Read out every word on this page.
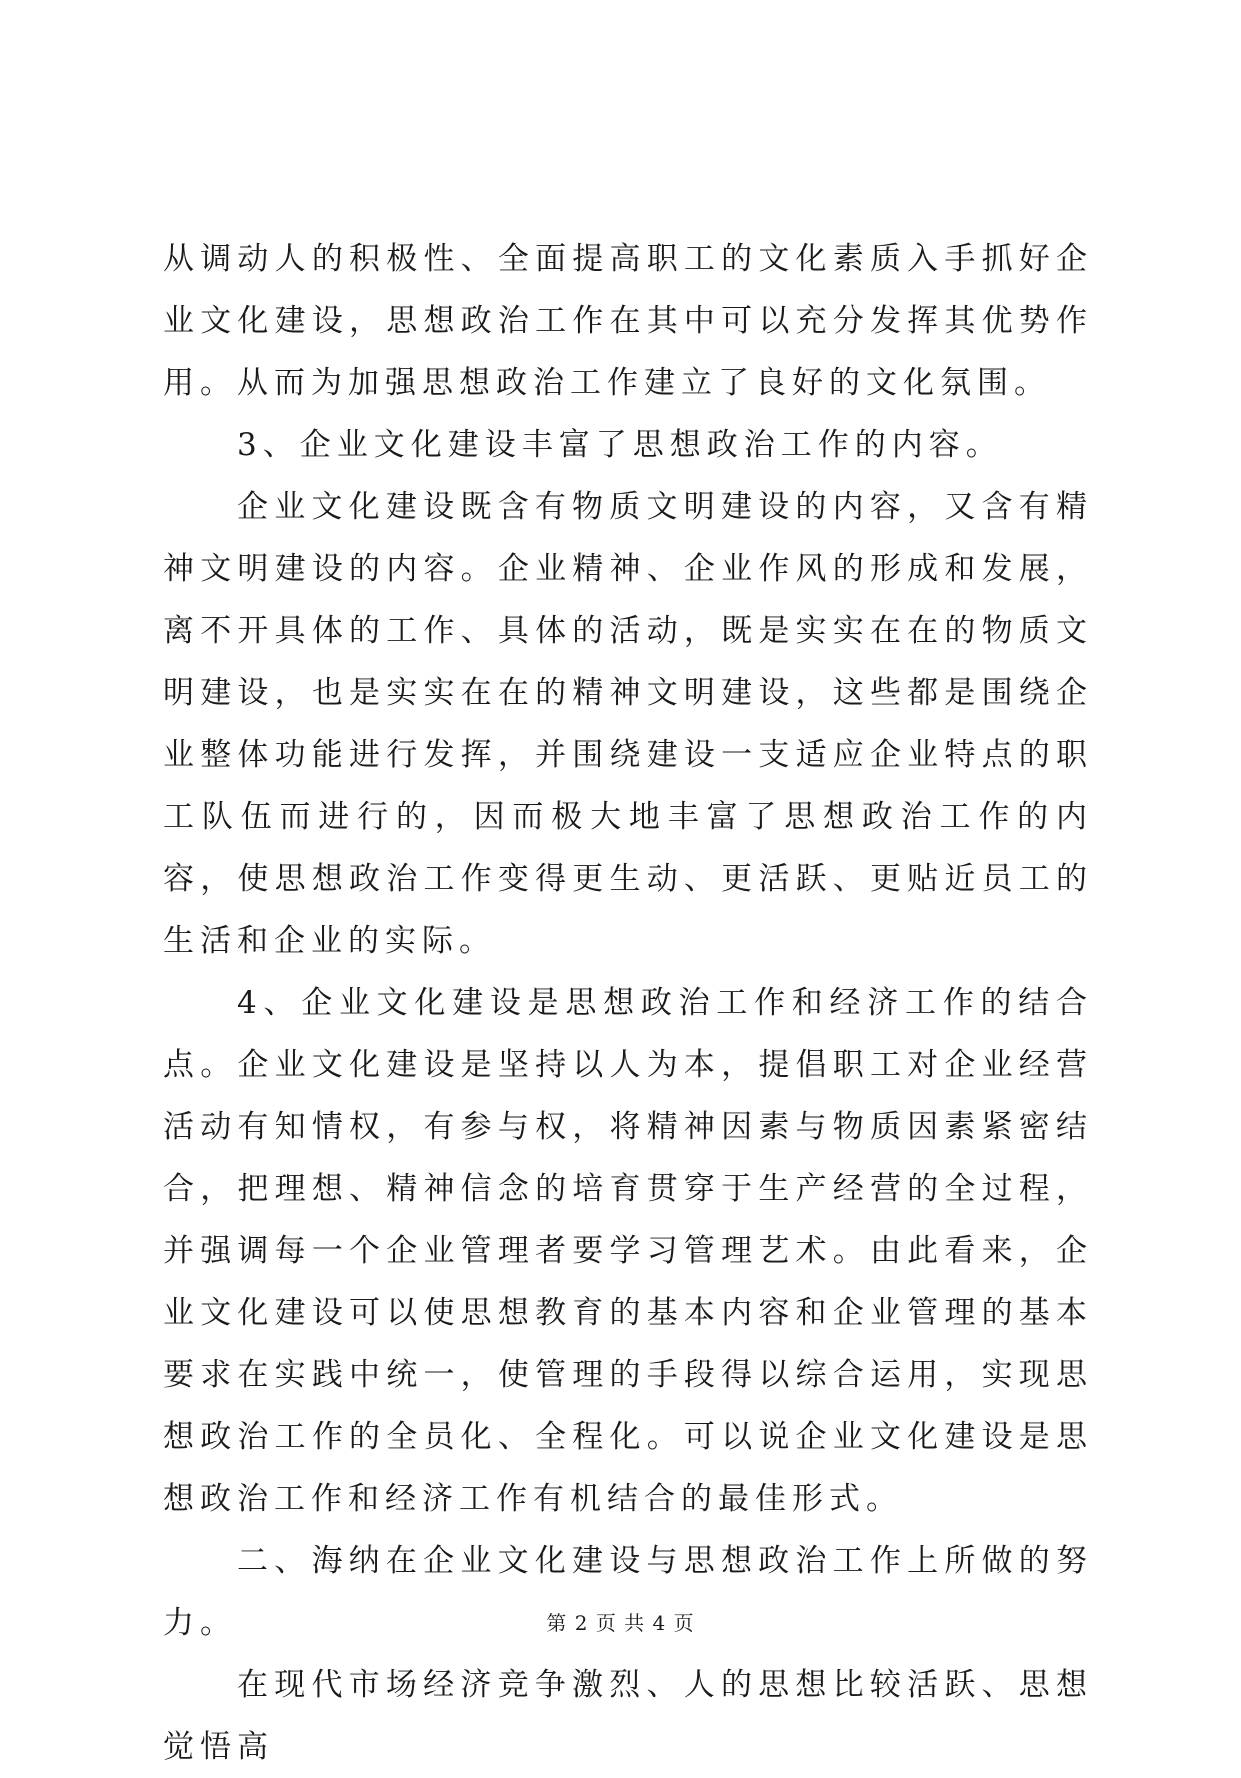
从调动人的积极性、全面提高职工的文化素质入手抓好企业文化建设，思想政治工作在其中可以充分发挥其优势作用。从而为加强思想政治工作建立了良好的文化氛围。

3、企业文化建设丰富了思想政治工作的内容。

企业文化建设既含有物质文明建设的内容，又含有精神文明建设的内容。企业精神、企业作风的形成和发展，离不开具体的工作、具体的活动，既是实实在在的物质文明建设，也是实实在在的精神文明建设，这些都是围绕企业整体功能进行发挥，并围绕建设一支适应企业特点的职工队伍而进行的，因而极大地丰富了思想政治工作的内容，使思想政治工作变得更生动、更活跃、更贴近员工的生活和企业的实际。

4、企业文化建设是思想政治工作和经济工作的结合点。企业文化建设是坚持以人为本，提倡职工对企业经营活动有知情权，有参与权，将精神因素与物质因素紧密结合，把理想、精神信念的培育贯穿于生产经营的全过程，并强调每一个企业管理者要学习管理艺术。由此看来，企业文化建设可以使思想教育的基本内容和企业管理的基本要求在实践中统一，使管理的手段得以综合运用，实现思想政治工作的全员化、全程化。可以说企业文化建设是思想政治工作和经济工作有机结合的最佳形式。

二、海纳在企业文化建设与思想政治工作上所做的努力。

在现代市场经济竞争激烈、人的思想比较活跃、思想觉悟高

第 2 页 共 4 页
